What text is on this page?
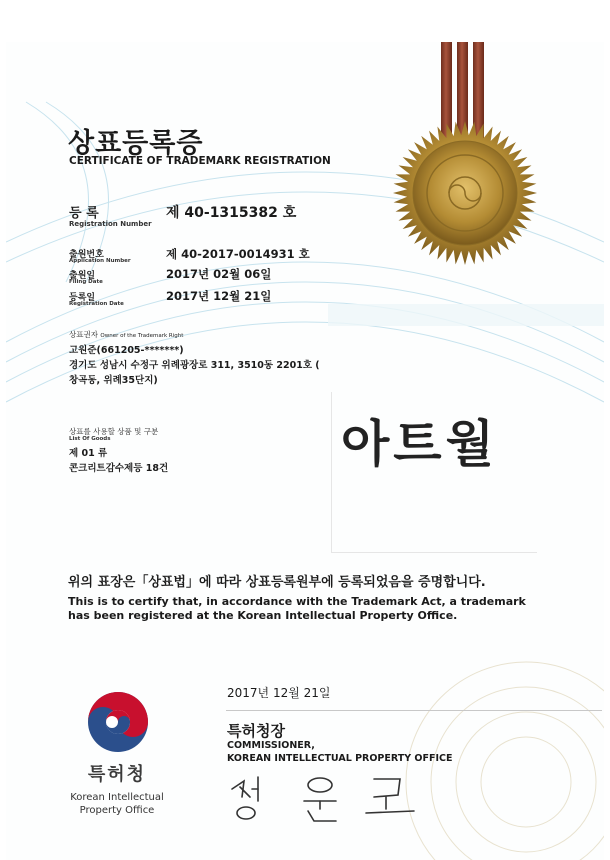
상표등록증
CERTIFICATE OF TRADEMARK REGISTRATION
등 록
Registration Number
제 40-1315382 호
출원번호
Application Number	제 40-2017-0014931 호
출원일
Filing Date
2017년 02월 06일
등록일
Registration Date
2017년 12월 21일
상표권자 Owner of the Trademark Right
고원준(661205-*******)
경기도 성남시 수정구 위례광장로 311, 3510동 2201호 (
창곡동, 위례35단지)
상표를 사용할 상품 및 구분
List Of Goods
제 01 류
콘크리트감수제등 18건	아트월
위의 표장은「상표법」에 따라 상표등록원부에 등록되었음을 증명합니다.
This is to certify that, in accordance with the Trademark Act, a trademark
has been registered at the Korean Intellectual Property Office.
특허청
Korean Intellectual
Property Office
2017년 12월 21일
특허청장
COMMISSIONER,
KOREAN INTELLECTUAL PROPERTY OFFICE
